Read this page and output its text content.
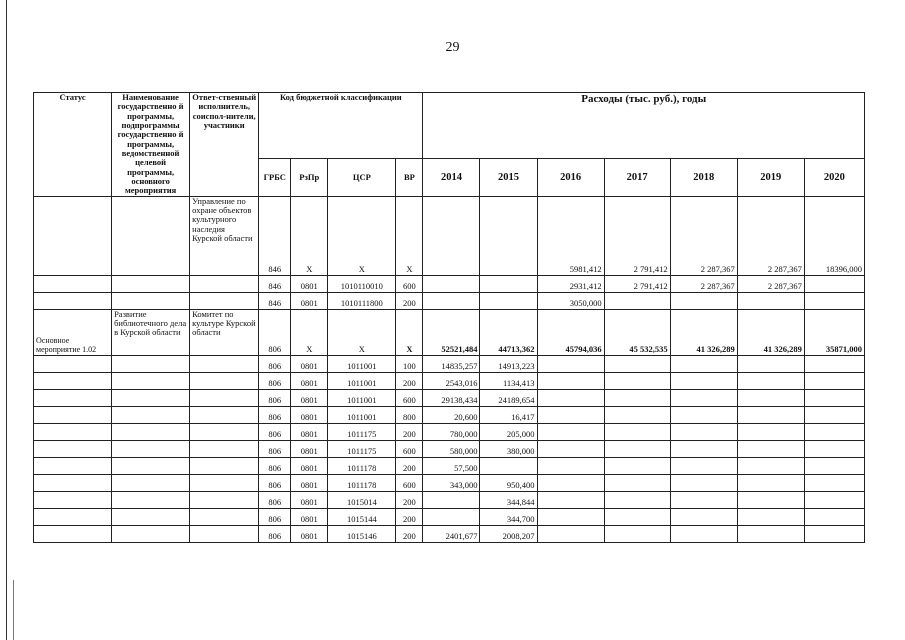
29
Статус	Наименование государственно й программы, подпрограммы государственно й программы, ведомственной целевой программы, основного мероприятия	Ответ-ственный исполнитель, соиспол-нители, участники	Код бюджетной классификации				Расходы (тыс. руб.), годы						
			ГРБС	РзПр	ЦСР	ВР	2014	2015	2016	2017	2018	2019	2020
		Управление по охране объектов культурного наследия Курской области	846	Х	Х	Х			5981,412	2 791,412	2 287,367	2 287,367	18396,000
			846	0801	1010110010	600			2931,412	2 791,412	2 287,367	2 287,367	
			846	0801	1010111800	200			3050,000				
Основное мероприятие 1.02	Развитие библиотечного дела в Курской области	Комитет по культуре Курской области	806	Х	Х	Х	52521,484	44713,362	45794,036	45 532,535	41 326,289	41 326,289	35871,000
			806	0801	1011001	100	14835,257	14913,223					
			806	0801	1011001	200	2543,016	1134,413					
			806	0801	1011001	600	29138,434	24189,654					
			806	0801	1011001	800	20,600	16,417					
			806	0801	1011175	200	780,000	205,000					
			806	0801	1011175	600	580,000	380,000					
			806	0801	1011178	200	57,500						
			806	0801	1011178	600	343,000	950,400					
			806	0801	1015014	200		344,844					
			806	0801	1015144	200		344,700					
			806	0801	1015146	200	2401,677	2008,207					
